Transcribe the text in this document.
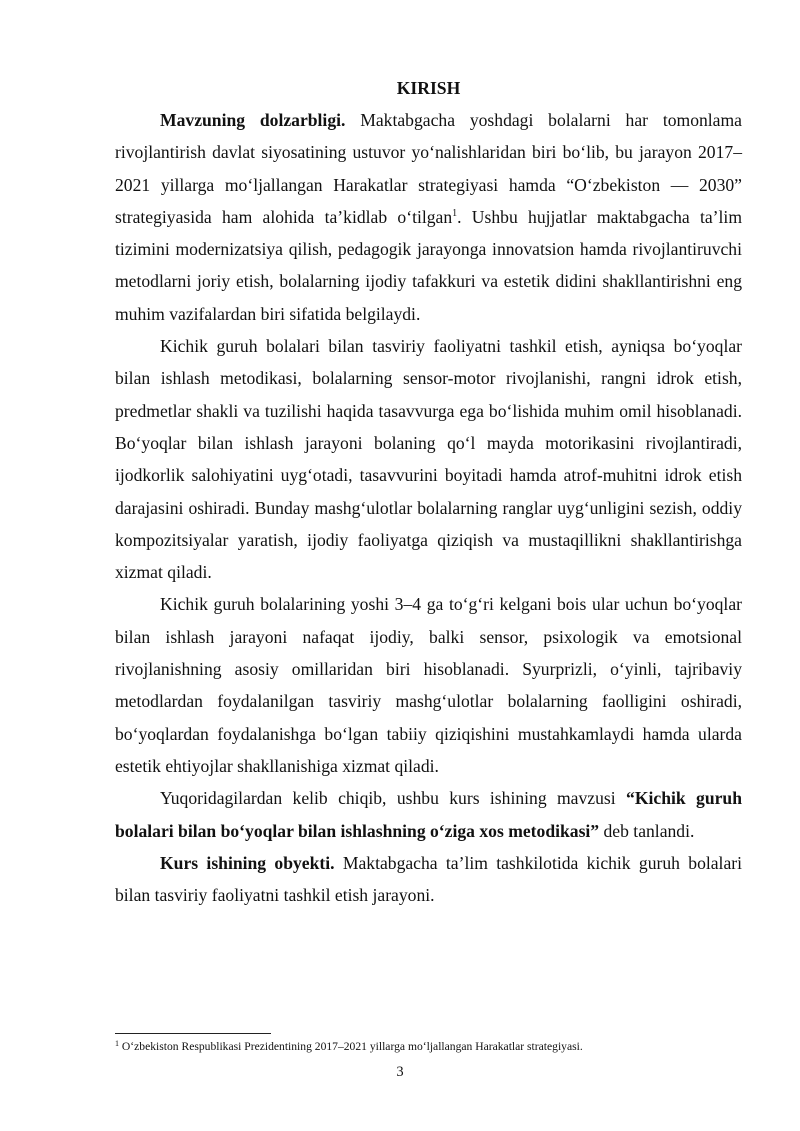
KIRISH

Mavzuning dolzarbligi. Maktabgacha yoshdagi bolalarni har tomonlama rivojlantirish davlat siyosatining ustuvor yo‘nalishlaridan biri bo‘lib, bu jarayon 2017–2021 yillarga mo‘ljallangan Harakatlar strategiyasi hamda “O‘zbekiston — 2030” strategiyasida ham alohida ta’kidlab o‘tilgan$^1$. Ushbu hujjatlar maktabgacha ta’lim tizimini modernizatsiya qilish, pedagogik jarayonga innovatsion hamda rivojlantiruvchi metodlarni joriy etish, bolalarning ijodiy tafakkuri va estetik didini shakllantirishni eng muhim vazifalardan biri sifatida belgilaydi.

Kichik guruh bolalari bilan tasviriy faoliyatni tashkil etish, ayniqsa bo‘yoqlar bilan ishlash metodikasi, bolalarning sensor-motor rivojlanishi, rangni idrok etish, predmetlar shakli va tuzilishi haqida tasavvurga ega bo‘lishida muhim omil hisoblanadi. Bo‘yoqlar bilan ishlash jarayoni bolaning qo‘l mayda motorikasini rivojlantiradi, ijodkorlik salohiyatini uyg‘otadi, tasavvurini boyitadi hamda atrof-muhitni idrok etish darajasini oshiradi. Bunday mashg‘ulotlar bolalarning ranglar uyg‘unligini sezish, oddiy kompozitsiyalar yaratish, ijodiy faoliyatga qiziqish va mustaqillikni shakllantirishga xizmat qiladi.

Kichik guruh bolalarining yoshi 3–4 ga to‘g‘ri kelgani bois ular uchun bo‘yoqlar bilan ishlash jarayoni nafaqat ijodiy, balki sensor, psixologik va emotsional rivojlanishning asosiy omillaridan biri hisoblanadi. Syurprizli, o‘yinli, tajribaviy metodlardan foydalanilgan tasviriy mashg‘ulotlar bolalarning faolligini oshiradi, bo‘yoqlardan foydalanishga bo‘lgan tabiiy qiziqishini mustahkamlaydi hamda ularda estetik ehtiyojlar shakllanishiga xizmat qiladi.

Yuqoridagilardan kelib chiqib, ushbu kurs ishining mavzusi “Kichik guruh bolalari bilan bo‘yoqlar bilan ishlashning o‘ziga xos metodikasi” deb tanlandi.

Kurs ishining obyekti. Maktabgacha ta’lim tashkilotida kichik guruh bolalari bilan tasviriy faoliyatni tashkil etish jarayoni.

$^1$ O‘zbekiston Respublikasi Prezidentining 2017–2021 yillarga mo‘ljallangan Harakatlar strategiyasi.
3
